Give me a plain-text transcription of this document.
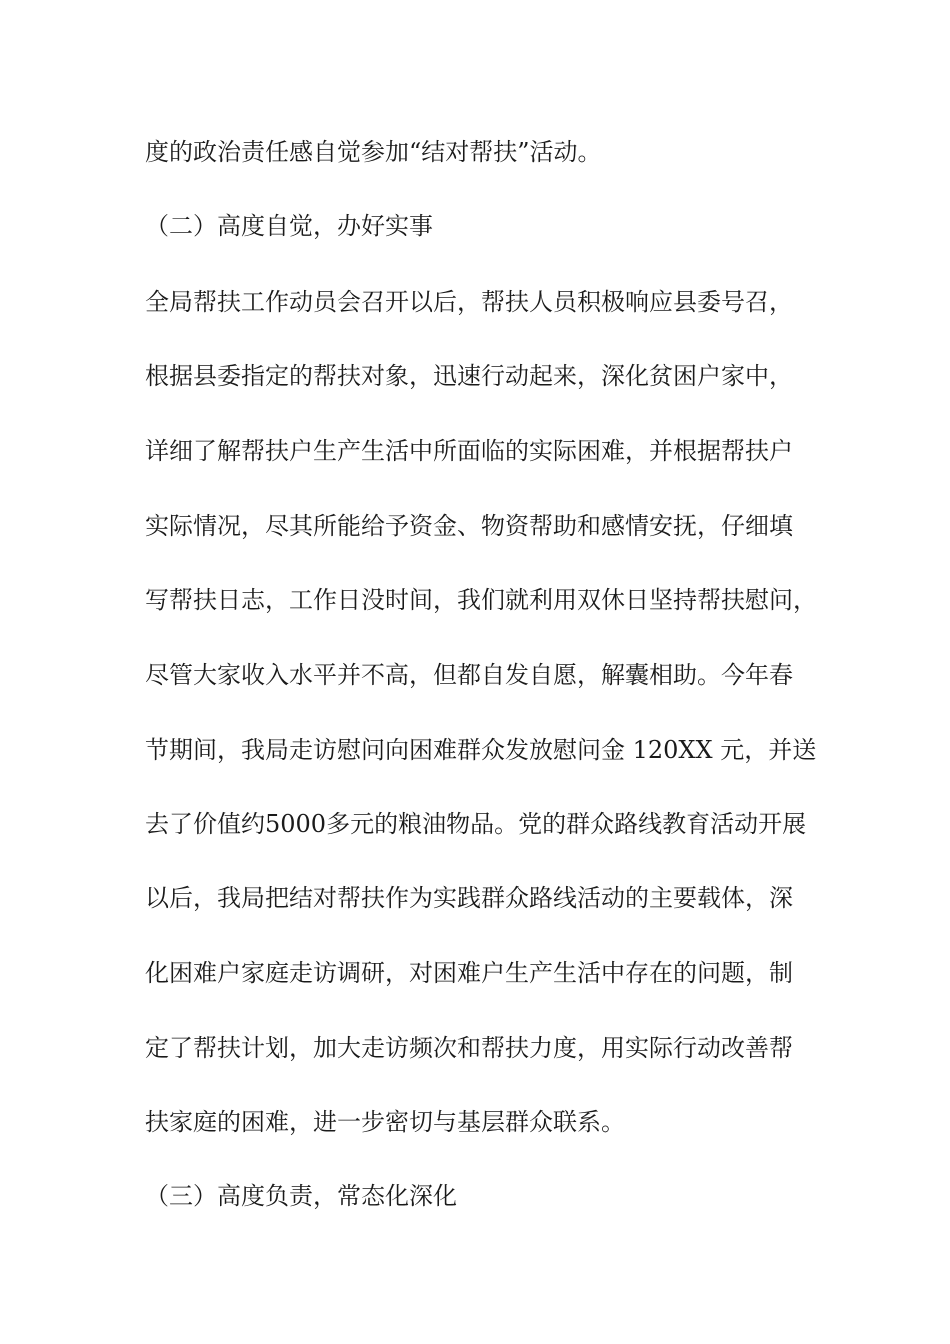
度的政治责任感自觉参加“结对帮扶”活动。
（二）高度自觉，办好实事
全局帮扶工作动员会召开以后，帮扶人员积极响应县委号召，
根据县委指定的帮扶对象，迅速行动起来，深化贫困户家中，
详细了解帮扶户生产生活中所面临的实际困难，并根据帮扶户
实际情况，尽其所能给予资金、物资帮助和感情安抚，仔细填
写帮扶日志，工作日没时间，我们就利用双休日坚持帮扶慰问，
尽管大家收入水平并不高，但都自发自愿，解囊相助。今年春
节期间，我局走访慰问向困难群众发放慰问金 120XX 元，并送
去了价值约5000多元的粮油物品。党的群众路线教育活动开展
以后，我局把结对帮扶作为实践群众路线活动的主要载体，深
化困难户家庭走访调研，对困难户生产生活中存在的问题，制
定了帮扶计划，加大走访频次和帮扶力度，用实际行动改善帮
扶家庭的困难，进一步密切与基层群众联系。
（三）高度负责，常态化深化
